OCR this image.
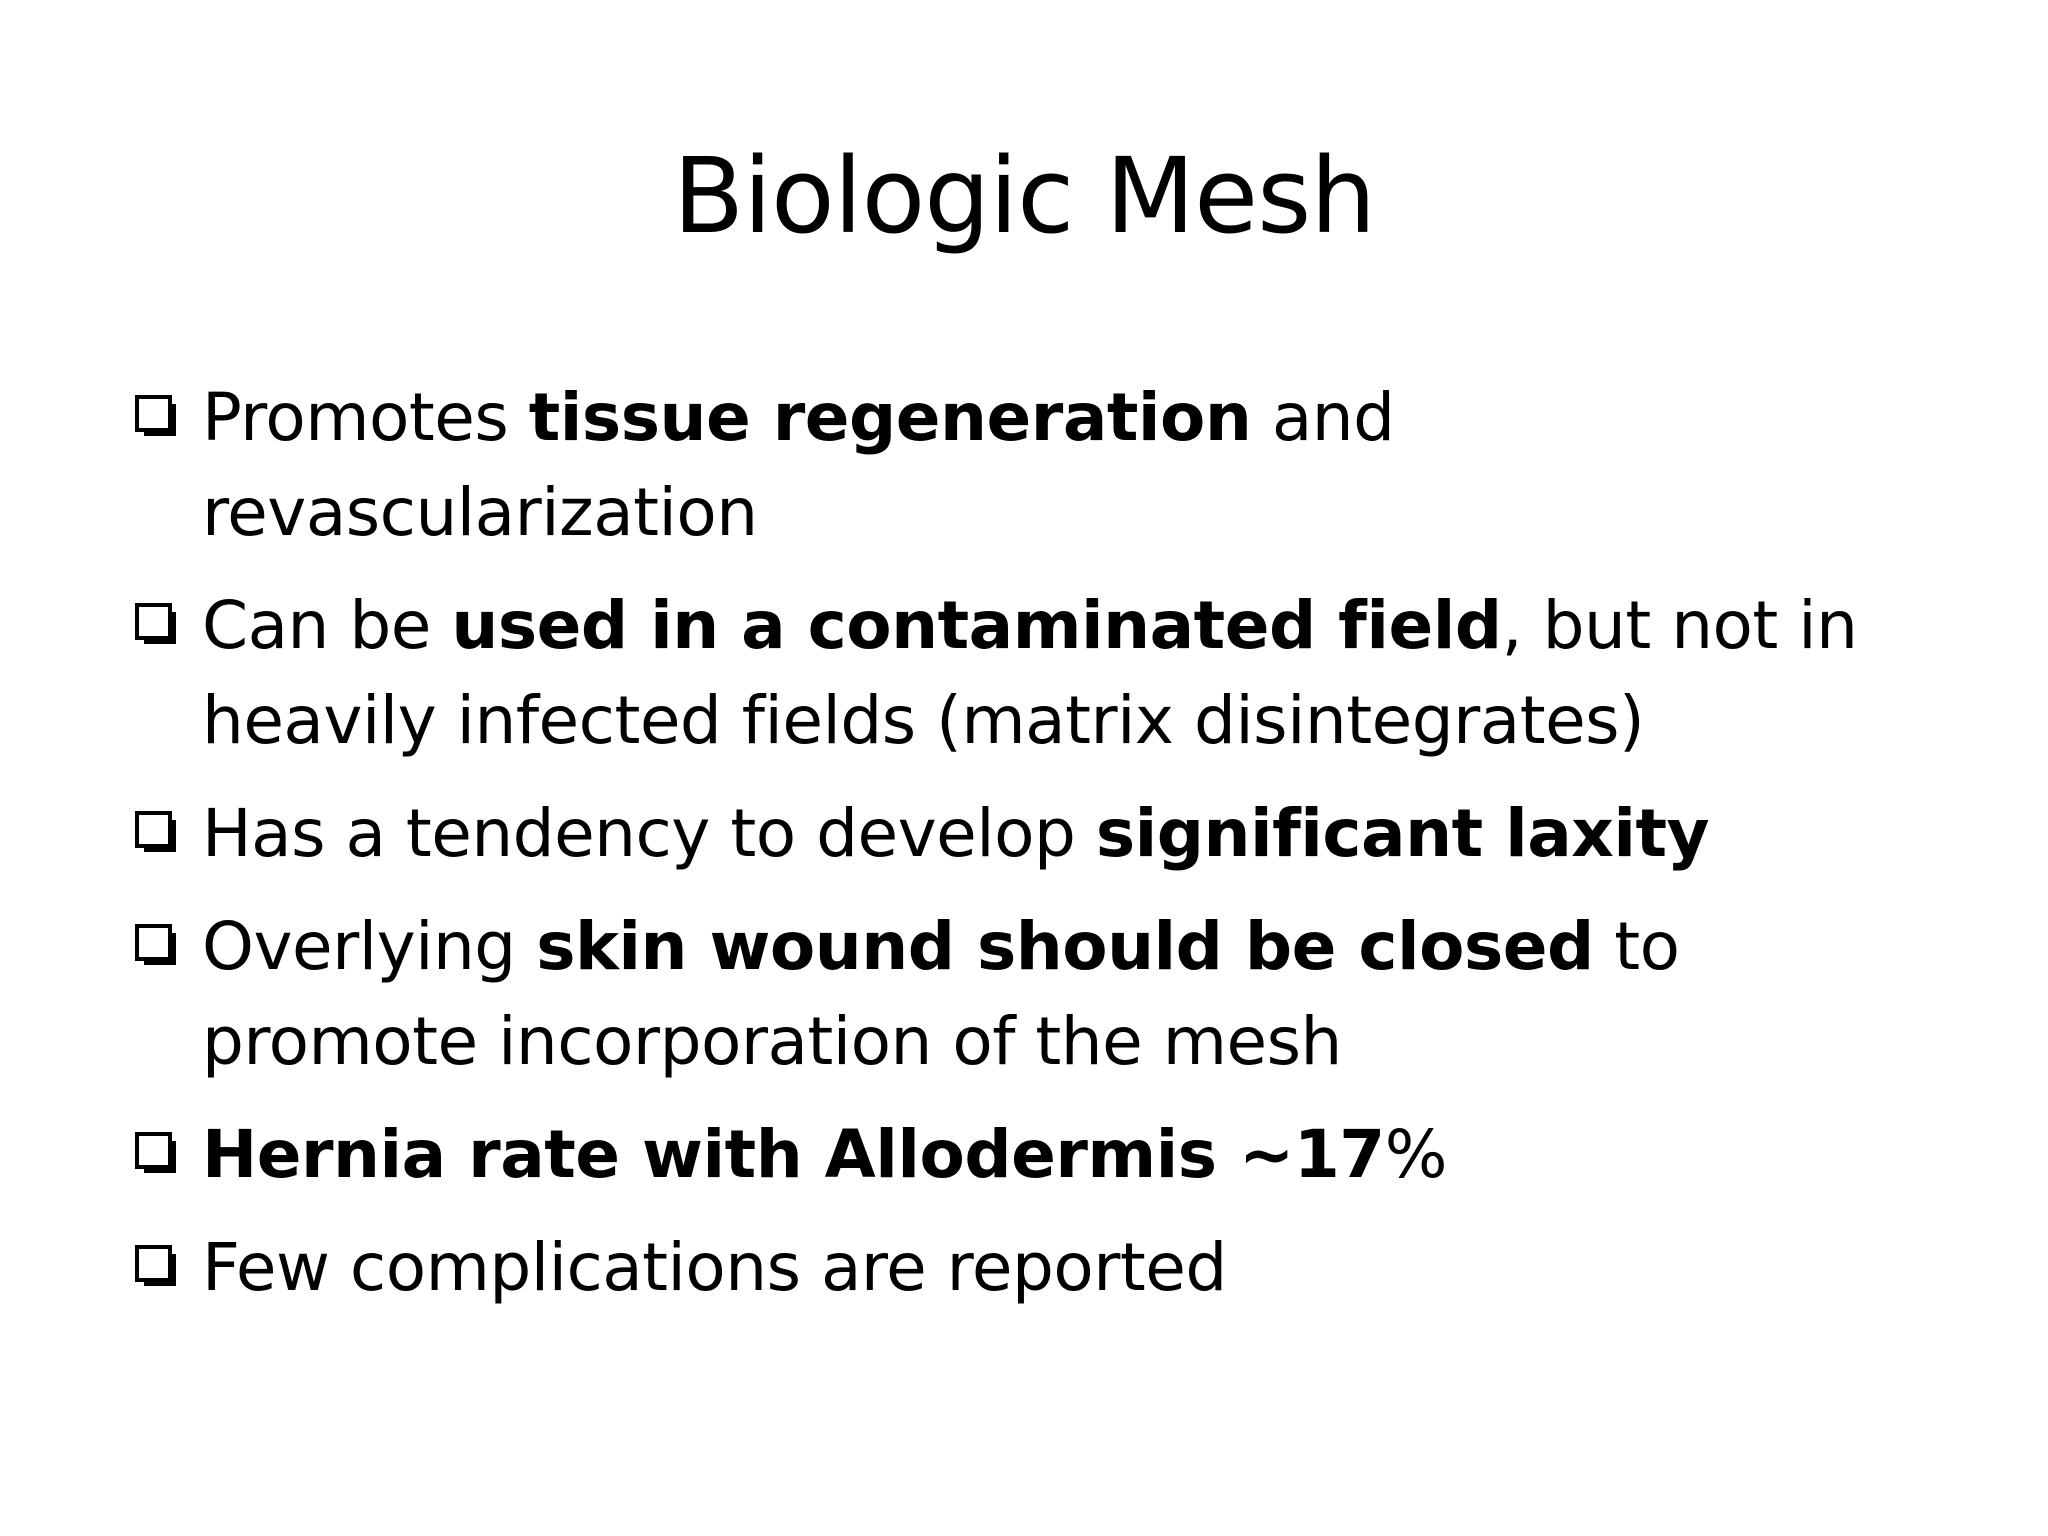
Biologic Mesh
Promotes tissue regeneration and revascularization
Can be used in a contaminated field, but not in heavily infected fields (matrix disintegrates)
Has a tendency to develop significant laxity
Overlying skin wound should be closed to promote incorporation of the mesh
Hernia rate with Allodermis ~17%
Few complications are reported
